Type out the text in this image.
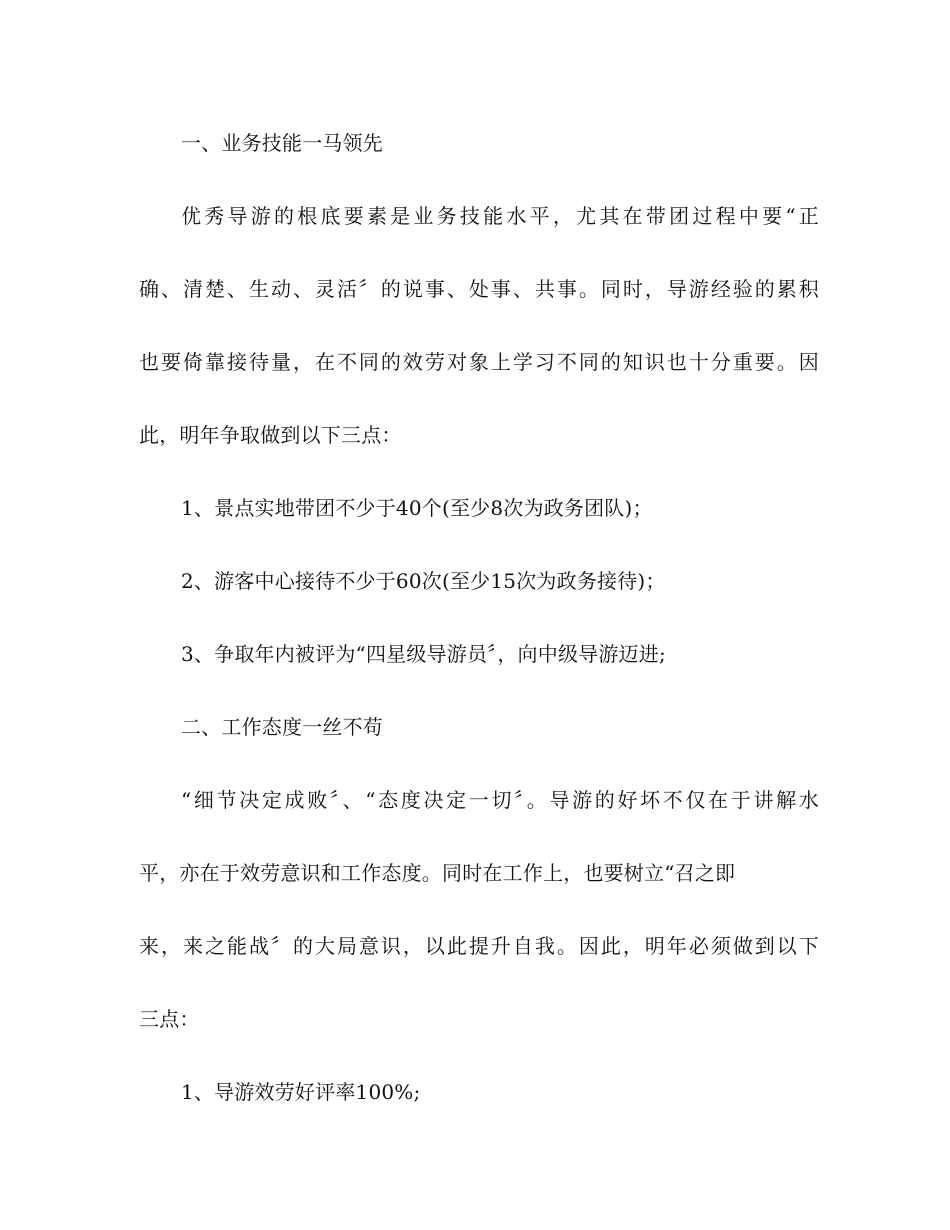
一、业务技能一马领先
优秀导游的根底要素是业务技能水平，尤其在带团过程中要“正
确、清楚、生动、灵活〞的说事、处事、共事。同时，导游经验的累积
也要倚靠接待量，在不同的效劳对象上学习不同的知识也十分重要。因
此，明年争取做到以下三点：
1、景点实地带团不少于40个(至少8次为政务团队)；
2、游客中心接待不少于60次(至少15次为政务接待)；
3、争取年内被评为“四星级导游员〞，向中级导游迈进;
二、工作态度一丝不苟
“细节决定成败〞、“态度决定一切〞。导游的好坏不仅在于讲解水
平，亦在于效劳意识和工作态度。同时在工作上，也要树立“召之即
来，来之能战〞的大局意识，以此提升自我。因此，明年必须做到以下
三点：
1、导游效劳好评率100%;
